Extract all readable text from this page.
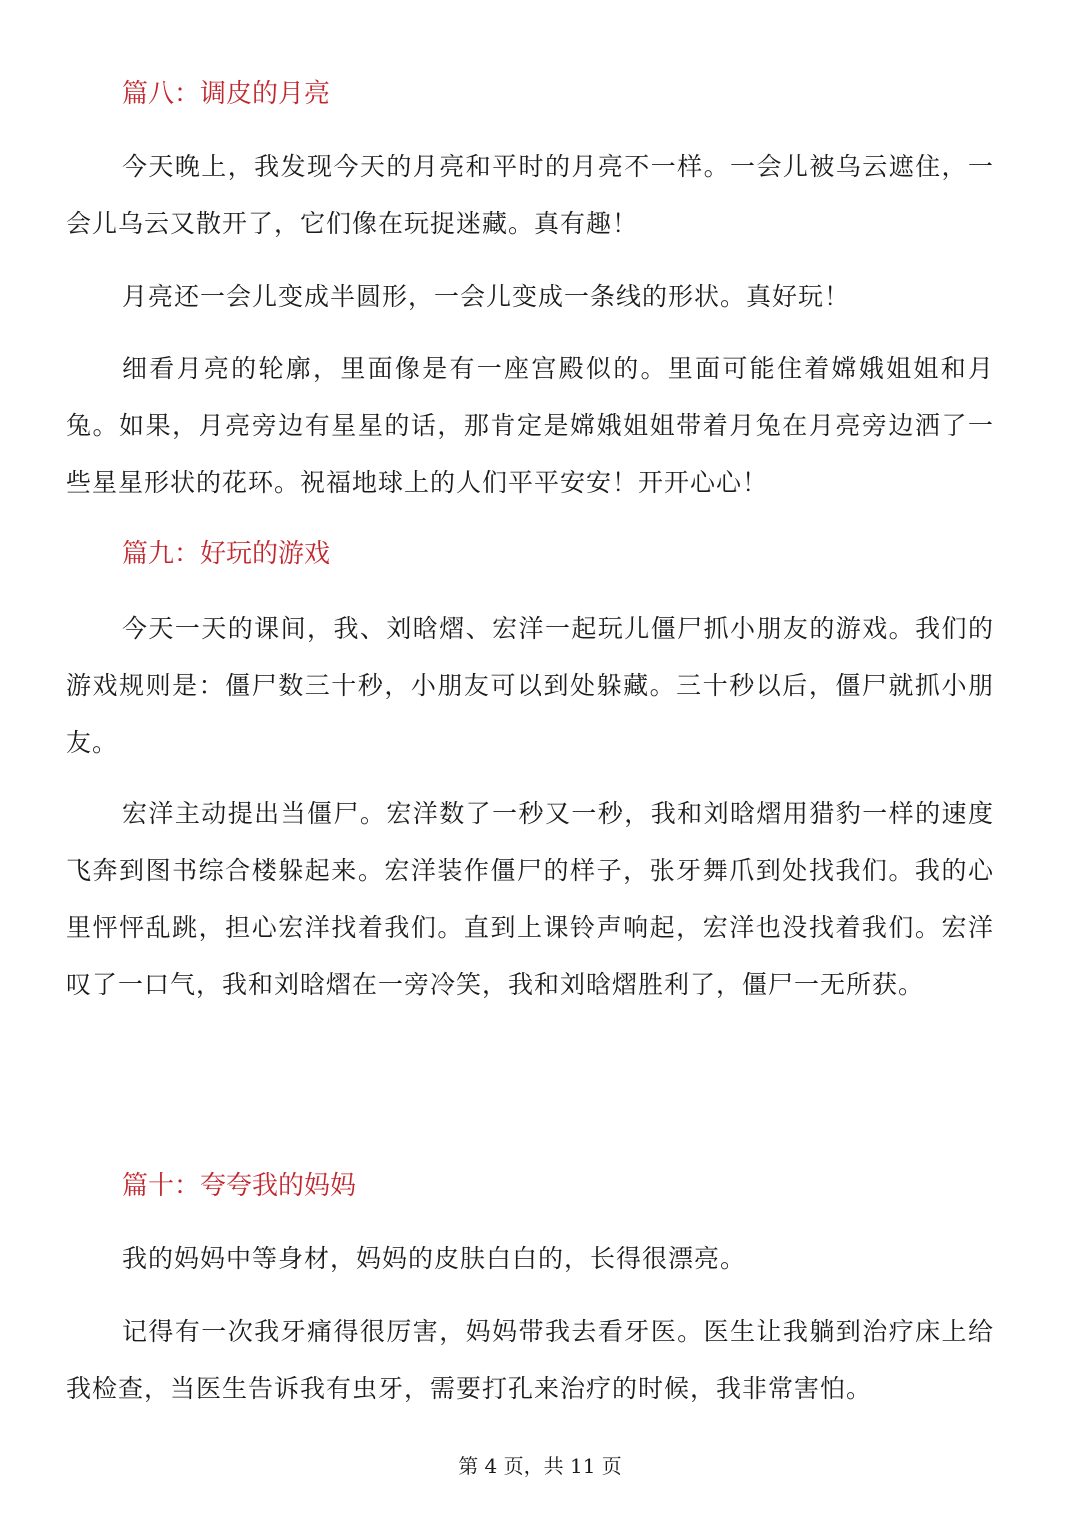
篇八：调皮的月亮

今天晚上，我发现今天的月亮和平时的月亮不一样。一会儿被乌云遮住，一会儿乌云又散开了，它们像在玩捉迷藏。真有趣！

月亮还一会儿变成半圆形，一会儿变成一条线的形状。真好玩！

细看月亮的轮廓，里面像是有一座宫殿似的。里面可能住着嫦娥姐姐和月兔。如果，月亮旁边有星星的话，那肯定是嫦娥姐姐带着月兔在月亮旁边洒了一些星星形状的花环。祝福地球上的人们平平安安！开开心心！

篇九：好玩的游戏

今天一天的课间，我、刘晗熠、宏洋一起玩儿僵尸抓小朋友的游戏。我们的游戏规则是：僵尸数三十秒，小朋友可以到处躲藏。三十秒以后，僵尸就抓小朋友。

宏洋主动提出当僵尸。宏洋数了一秒又一秒，我和刘晗熠用猎豹一样的速度飞奔到图书综合楼躲起来。宏洋装作僵尸的样子，张牙舞爪到处找我们。我的心里怦怦乱跳，担心宏洋找着我们。直到上课铃声响起，宏洋也没找着我们。宏洋叹了一口气，我和刘晗熠在一旁冷笑，我和刘晗熠胜利了，僵尸一无所获。

篇十：夸夸我的妈妈

我的妈妈中等身材，妈妈的皮肤白白的，长得很漂亮。

记得有一次我牙痛得很厉害，妈妈带我去看牙医。医生让我躺到治疗床上给我检查，当医生告诉我有虫牙，需要打孔来治疗的时候，我非常害怕。

第 4 页，共 11 页
